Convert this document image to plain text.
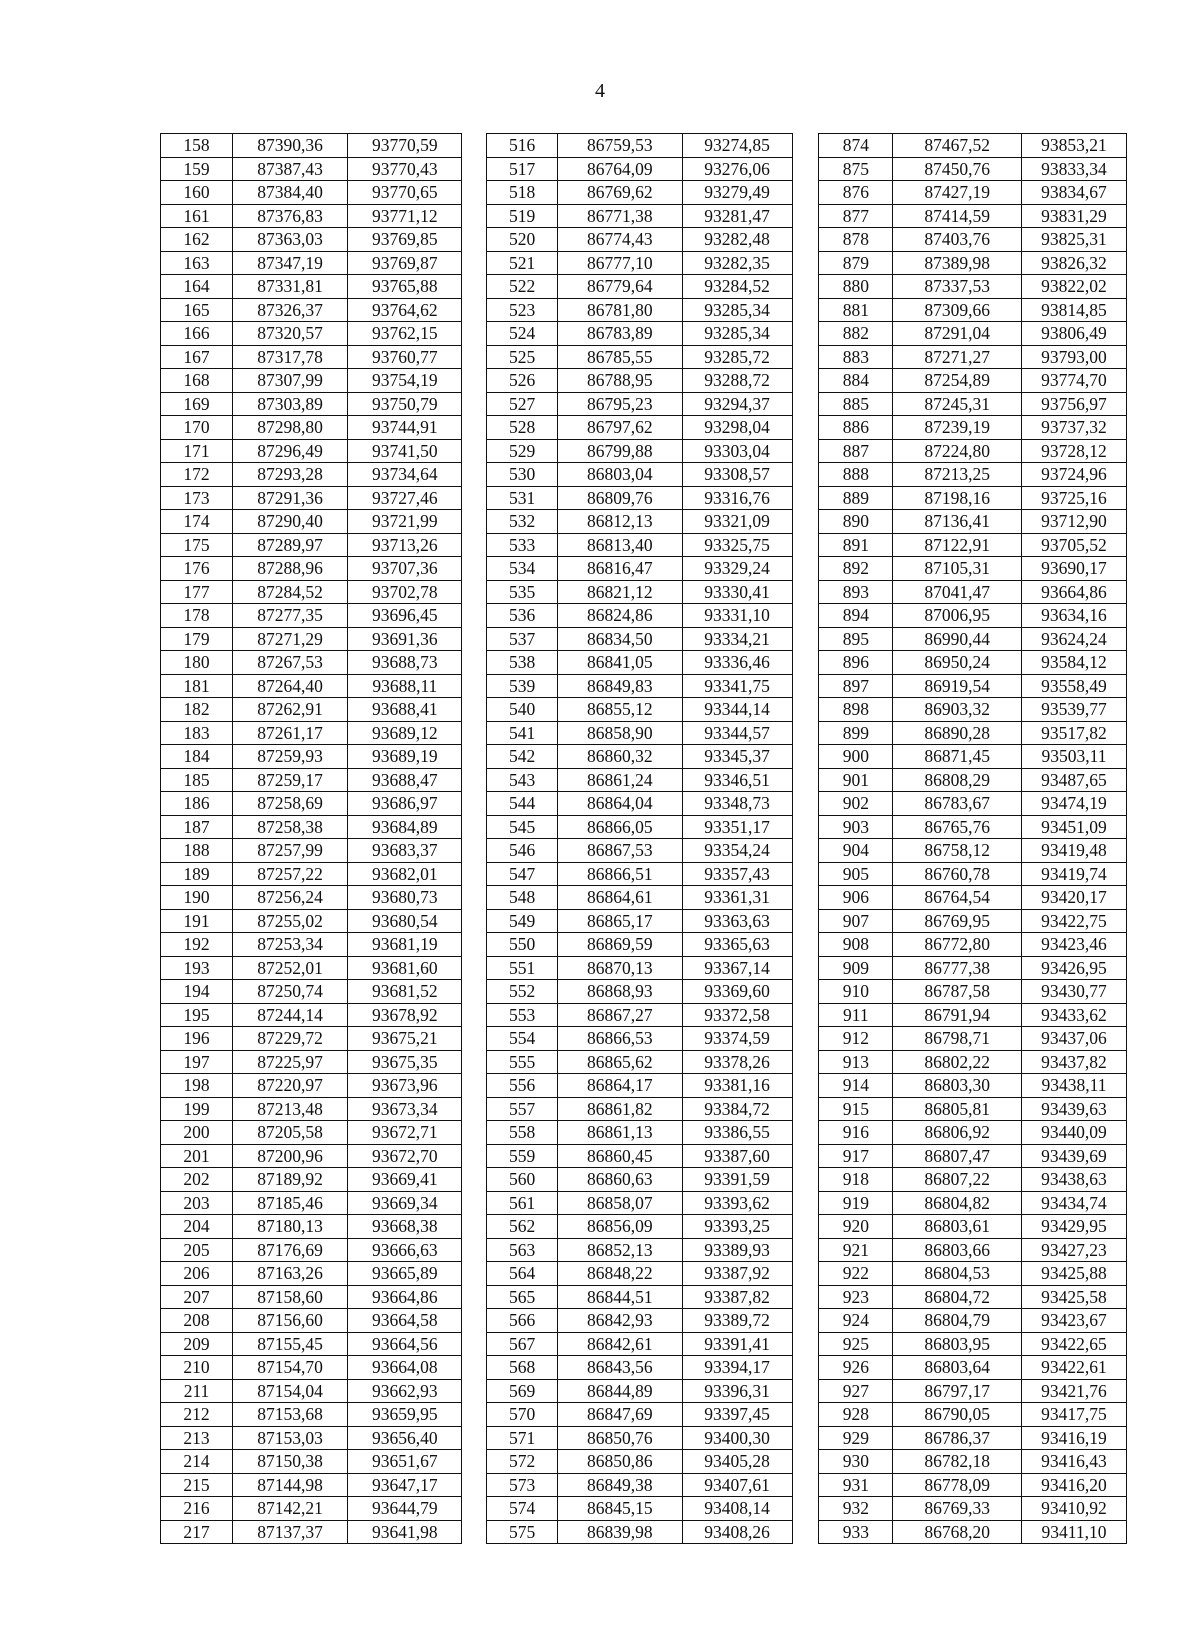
4
158	87390,36	93770,59		516	86759,53	93274,85		874	87467,52	93853,21
159	87387,43	93770,43		517	86764,09	93276,06		875	87450,76	93833,34
160	87384,40	93770,65		518	86769,62	93279,49		876	87427,19	93834,67
161	87376,83	93771,12		519	86771,38	93281,47		877	87414,59	93831,29
162	87363,03	93769,85		520	86774,43	93282,48		878	87403,76	93825,31
163	87347,19	93769,87		521	86777,10	93282,35		879	87389,98	93826,32
164	87331,81	93765,88		522	86779,64	93284,52		880	87337,53	93822,02
165	87326,37	93764,62		523	86781,80	93285,34		881	87309,66	93814,85
166	87320,57	93762,15		524	86783,89	93285,34		882	87291,04	93806,49
167	87317,78	93760,77		525	86785,55	93285,72		883	87271,27	93793,00
168	87307,99	93754,19		526	86788,95	93288,72		884	87254,89	93774,70
169	87303,89	93750,79		527	86795,23	93294,37		885	87245,31	93756,97
170	87298,80	93744,91		528	86797,62	93298,04		886	87239,19	93737,32
171	87296,49	93741,50		529	86799,88	93303,04		887	87224,80	93728,12
172	87293,28	93734,64		530	86803,04	93308,57		888	87213,25	93724,96
173	87291,36	93727,46		531	86809,76	93316,76		889	87198,16	93725,16
174	87290,40	93721,99		532	86812,13	93321,09		890	87136,41	93712,90
175	87289,97	93713,26		533	86813,40	93325,75		891	87122,91	93705,52
176	87288,96	93707,36		534	86816,47	93329,24		892	87105,31	93690,17
177	87284,52	93702,78		535	86821,12	93330,41		893	87041,47	93664,86
178	87277,35	93696,45		536	86824,86	93331,10		894	87006,95	93634,16
179	87271,29	93691,36		537	86834,50	93334,21		895	86990,44	93624,24
180	87267,53	93688,73		538	86841,05	93336,46		896	86950,24	93584,12
181	87264,40	93688,11		539	86849,83	93341,75		897	86919,54	93558,49
182	87262,91	93688,41		540	86855,12	93344,14		898	86903,32	93539,77
183	87261,17	93689,12		541	86858,90	93344,57		899	86890,28	93517,82
184	87259,93	93689,19		542	86860,32	93345,37		900	86871,45	93503,11
185	87259,17	93688,47		543	86861,24	93346,51		901	86808,29	93487,65
186	87258,69	93686,97		544	86864,04	93348,73		902	86783,67	93474,19
187	87258,38	93684,89		545	86866,05	93351,17		903	86765,76	93451,09
188	87257,99	93683,37		546	86867,53	93354,24		904	86758,12	93419,48
189	87257,22	93682,01		547	86866,51	93357,43		905	86760,78	93419,74
190	87256,24	93680,73		548	86864,61	93361,31		906	86764,54	93420,17
191	87255,02	93680,54		549	86865,17	93363,63		907	86769,95	93422,75
192	87253,34	93681,19		550	86869,59	93365,63		908	86772,80	93423,46
193	87252,01	93681,60		551	86870,13	93367,14		909	86777,38	93426,95
194	87250,74	93681,52		552	86868,93	93369,60		910	86787,58	93430,77
195	87244,14	93678,92		553	86867,27	93372,58		911	86791,94	93433,62
196	87229,72	93675,21		554	86866,53	93374,59		912	86798,71	93437,06
197	87225,97	93675,35		555	86865,62	93378,26		913	86802,22	93437,82
198	87220,97	93673,96		556	86864,17	93381,16		914	86803,30	93438,11
199	87213,48	93673,34		557	86861,82	93384,72		915	86805,81	93439,63
200	87205,58	93672,71		558	86861,13	93386,55		916	86806,92	93440,09
201	87200,96	93672,70		559	86860,45	93387,60		917	86807,47	93439,69
202	87189,92	93669,41		560	86860,63	93391,59		918	86807,22	93438,63
203	87185,46	93669,34		561	86858,07	93393,62		919	86804,82	93434,74
204	87180,13	93668,38		562	86856,09	93393,25		920	86803,61	93429,95
205	87176,69	93666,63		563	86852,13	93389,93		921	86803,66	93427,23
206	87163,26	93665,89		564	86848,22	93387,92		922	86804,53	93425,88
207	87158,60	93664,86		565	86844,51	93387,82		923	86804,72	93425,58
208	87156,60	93664,58		566	86842,93	93389,72		924	86804,79	93423,67
209	87155,45	93664,56		567	86842,61	93391,41		925	86803,95	93422,65
210	87154,70	93664,08		568	86843,56	93394,17		926	86803,64	93422,61
211	87154,04	93662,93		569	86844,89	93396,31		927	86797,17	93421,76
212	87153,68	93659,95		570	86847,69	93397,45		928	86790,05	93417,75
213	87153,03	93656,40		571	86850,76	93400,30		929	86786,37	93416,19
214	87150,38	93651,67		572	86850,86	93405,28		930	86782,18	93416,43
215	87144,98	93647,17		573	86849,38	93407,61		931	86778,09	93416,20
216	87142,21	93644,79		574	86845,15	93408,14		932	86769,33	93410,92
217	87137,37	93641,98		575	86839,98	93408,26		933	86768,20	93411,10
